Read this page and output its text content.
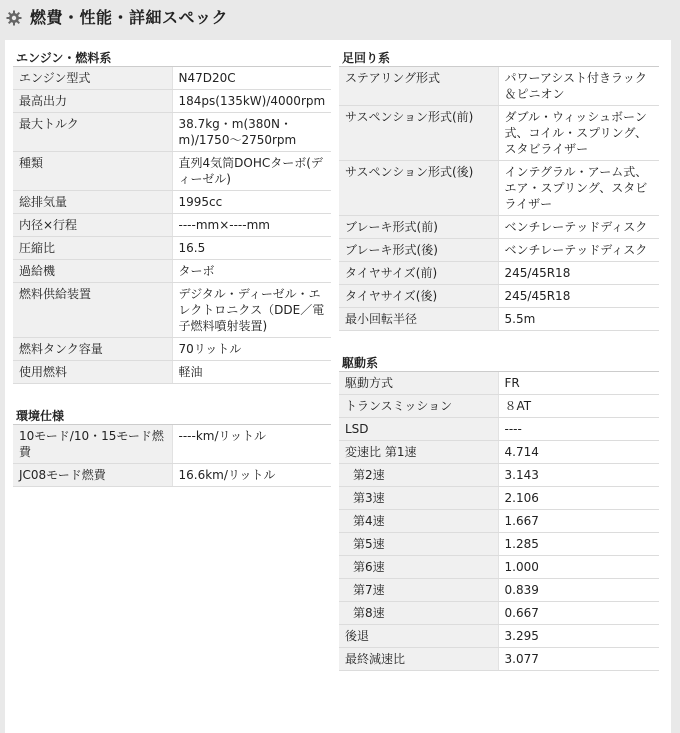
燃費・性能・詳細スペック
エンジン・燃料系
エンジン型式	N47D20C
最高出力	184ps(135kW)/4000rpm
最大トルク	38.7kg・m(380N・m)/1750〜2750rpm
種類	直列4気筒DOHCターボ(ディーゼル)
総排気量	1995cc
内径×行程	----mm×----mm
圧縮比	16.5
過給機	ターボ
燃料供給装置	デジタル・ディーゼル・エレクトロニクス（DDE／電子燃料噴射装置)
燃料タンク容量	70リットル
使用燃料	軽油
環境仕様
10モード/10・15モード燃費	----km/リットル
JC08モード燃費	16.6km/リットル
足回り系
ステアリング形式	パワーアシスト付きラック＆ピニオン
サスペンション形式(前)	ダブル・ウィッシュボーン式、コイル・スプリング、スタビライザー
サスペンション形式(後)	インテグラル・アーム式、エア・スプリング、スタビライザー
ブレーキ形式(前)	ベンチレーテッドディスク
ブレーキ形式(後)	ベンチレーテッドディスク
タイヤサイズ(前)	245/45R18
タイヤサイズ(後)	245/45R18
最小回転半径	5.5m
駆動系
駆動方式	FR
トランスミッション	８AT
LSD	----
変速比 第1速	4.714
第2速	3.143
第3速	2.106
第4速	1.667
第5速	1.285
第6速	1.000
第7速	0.839
第8速	0.667
後退	3.295
最終減速比	3.077
